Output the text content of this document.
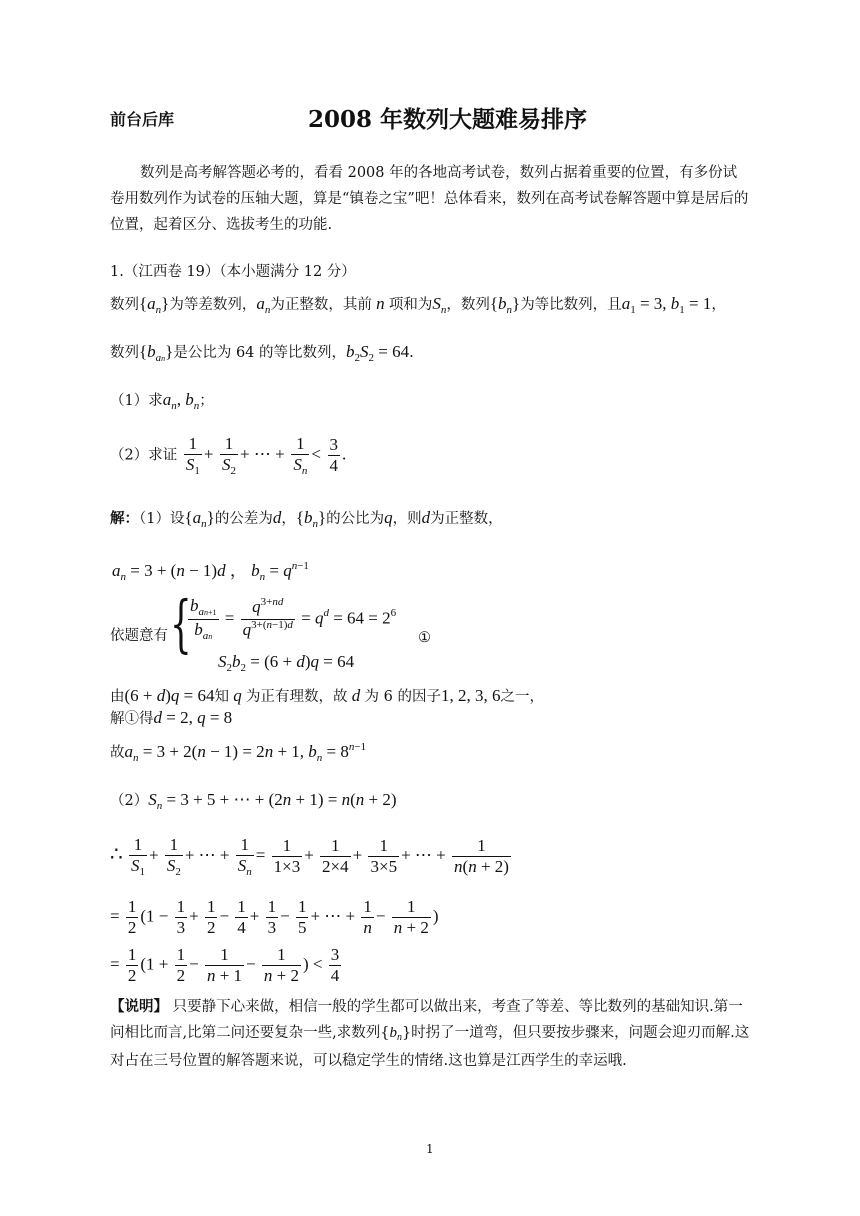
前台后库	2008 年数列大题难易排序
数列是高考解答题必考的，看看 2008 年的各地高考试卷，数列占据着重要的位置，有多份试卷用数列作为试卷的压轴大题，算是“镇卷之宝”吧！总体看来，数列在高考试卷解答题中算是居后的位置，起着区分、选拔考生的功能.
1.（江西卷 19）（本小题满分 12 分）
数列$\{a_n\}$为等差数列，$a_n$为正整数，其前 n 项和为$S_n$，数列$\{b_n\}$为等比数列，且$a_1 = 3$, $b_1 = 1$，
数列$\{b_{an}\}$是公比为 64 的等比数列，$b_2S_2 = 64$.
（1）求$a_n$, $b_n$；
（2）求证 $\frac{1}{S_1} + \frac{1}{S_2}$ + ⋯ + $\frac{1}{S_n} < \frac{3}{4}$ .
解：（1）设$\{a_n\}$的公差为d，$\{b_n\}$的公比为q，则d为正整数，
$a_n = 3 + (n - 1)d$ ， $b_n = q^{n-1}$
依题意有 {
$\frac{b_{an+1}}{b_{an}} = \frac{q^{3+nd}}{q^{3+(n-1)d}} = q^d = 64 = 2^6$
①
$S_2b_2 = (6 + d)q = 64$
由(6 + d)q = 64知 q 为正有理数，故 d 为 6 的因子1, 2, 3, 6之一，
解①得d = 2, q = 8
故$a_n = 3 + 2(n - 1) = 2n + 1$, $b_n = 8^{n-1}$
$(2)S_n = 3 + 5$ + ⋯ + (2n + 1) = n(n + 2)
∴ $\frac{1}{S_1} + \frac{1}{S_2}$ + ⋯ + $\frac{1}{S_n} = \frac{1}{1\times 3} + \frac{1}{2\times 4} + \frac{1}{3\times 5}$ + ⋯ + $\frac{1}{n(n + 2)}$
= $\frac{1}{2} (1 - \frac{1}{3} + \frac{1}{2} - \frac{1}{4} + \frac{1}{3} - \frac{1}{5}$ + ⋯ + $\frac{1}{n} - \frac{1}{n + 2}$ )
= $\frac{1}{2} (1 + \frac{1}{2} - \frac{1}{n + 1} - \frac{1}{n + 2}$ ) < $\frac{3}{4}$
【说明】 只要静下心来做，相信一般的学生都可以做出来，考查了等差、等比数列的基础知识.第一问相比而言,比第二问还要复杂一些,求数列$\{b_n\}$时拐了一道弯，但只要按步骤来，问题会迎刃而解.这对占在三号位置的解答题来说，可以稳定学生的情绪.这也算是江西学生的幸运哦.
1
